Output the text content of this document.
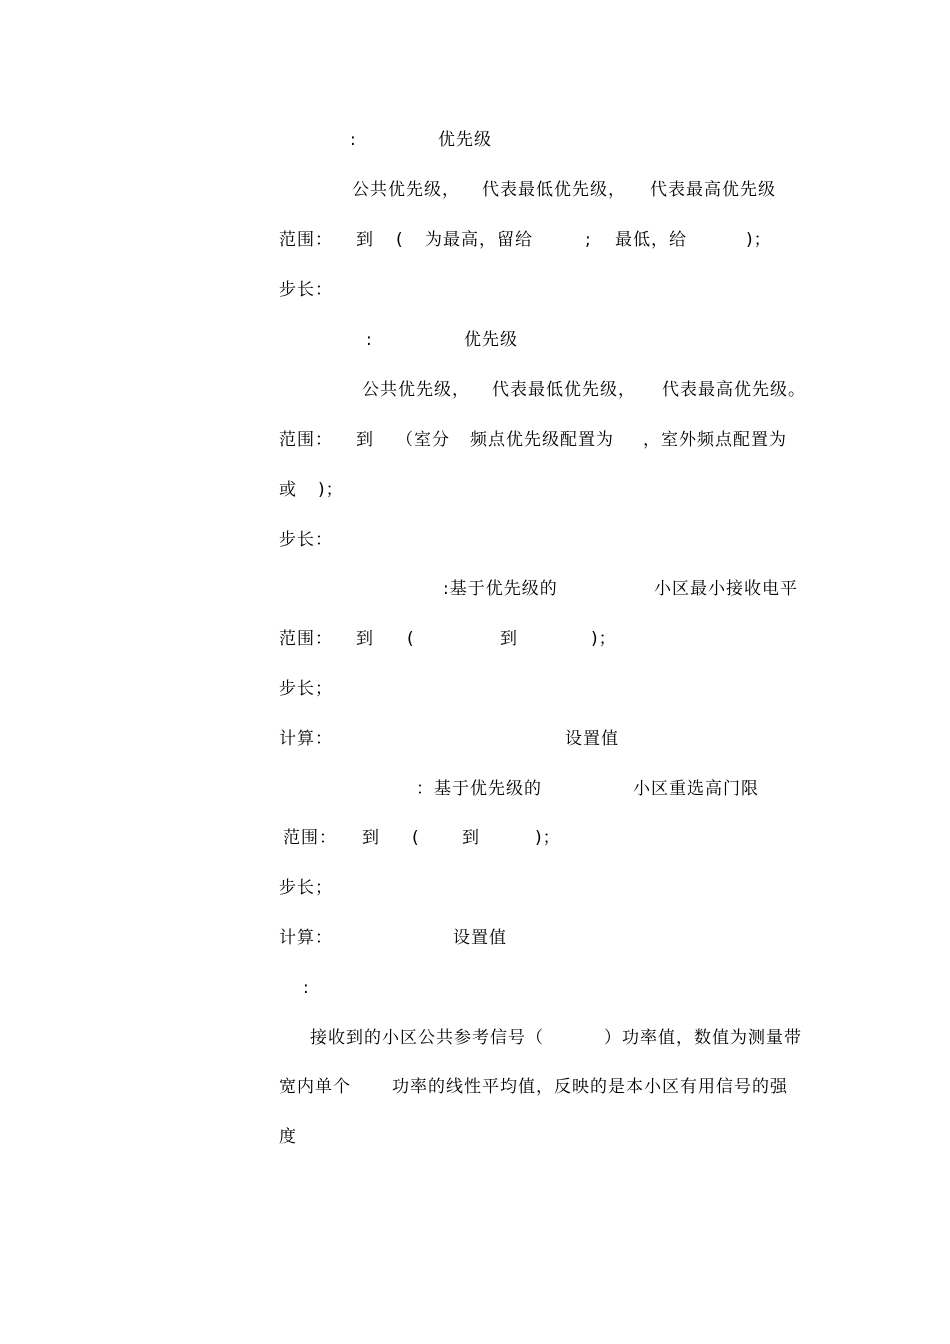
:	优先级
公共优先级， 代表最低优先级， 代表最高优先级
范围： 到 ( 为最高，留给	; 最低，给	)；
步长：
:	优先级
公共优先级， 代表最低优先级， 代表最高优先级。
范围： 到 （室分 频点优先级配置为 ，室外频点配置为
或 )；
步长：
:基于优先级的	小区最小接收电平
范围： 到 (	到	)；
步长；
计算：	设置值
：基于优先级的	小区重选高门限
范围： 到 ( 到	)；
步长；
计算：	设置值
:
接收到的小区公共参考信号（	）功率值，数值为测量带
宽内单个 功率的线性平均值，反映的是本小区有用信号的强
度
